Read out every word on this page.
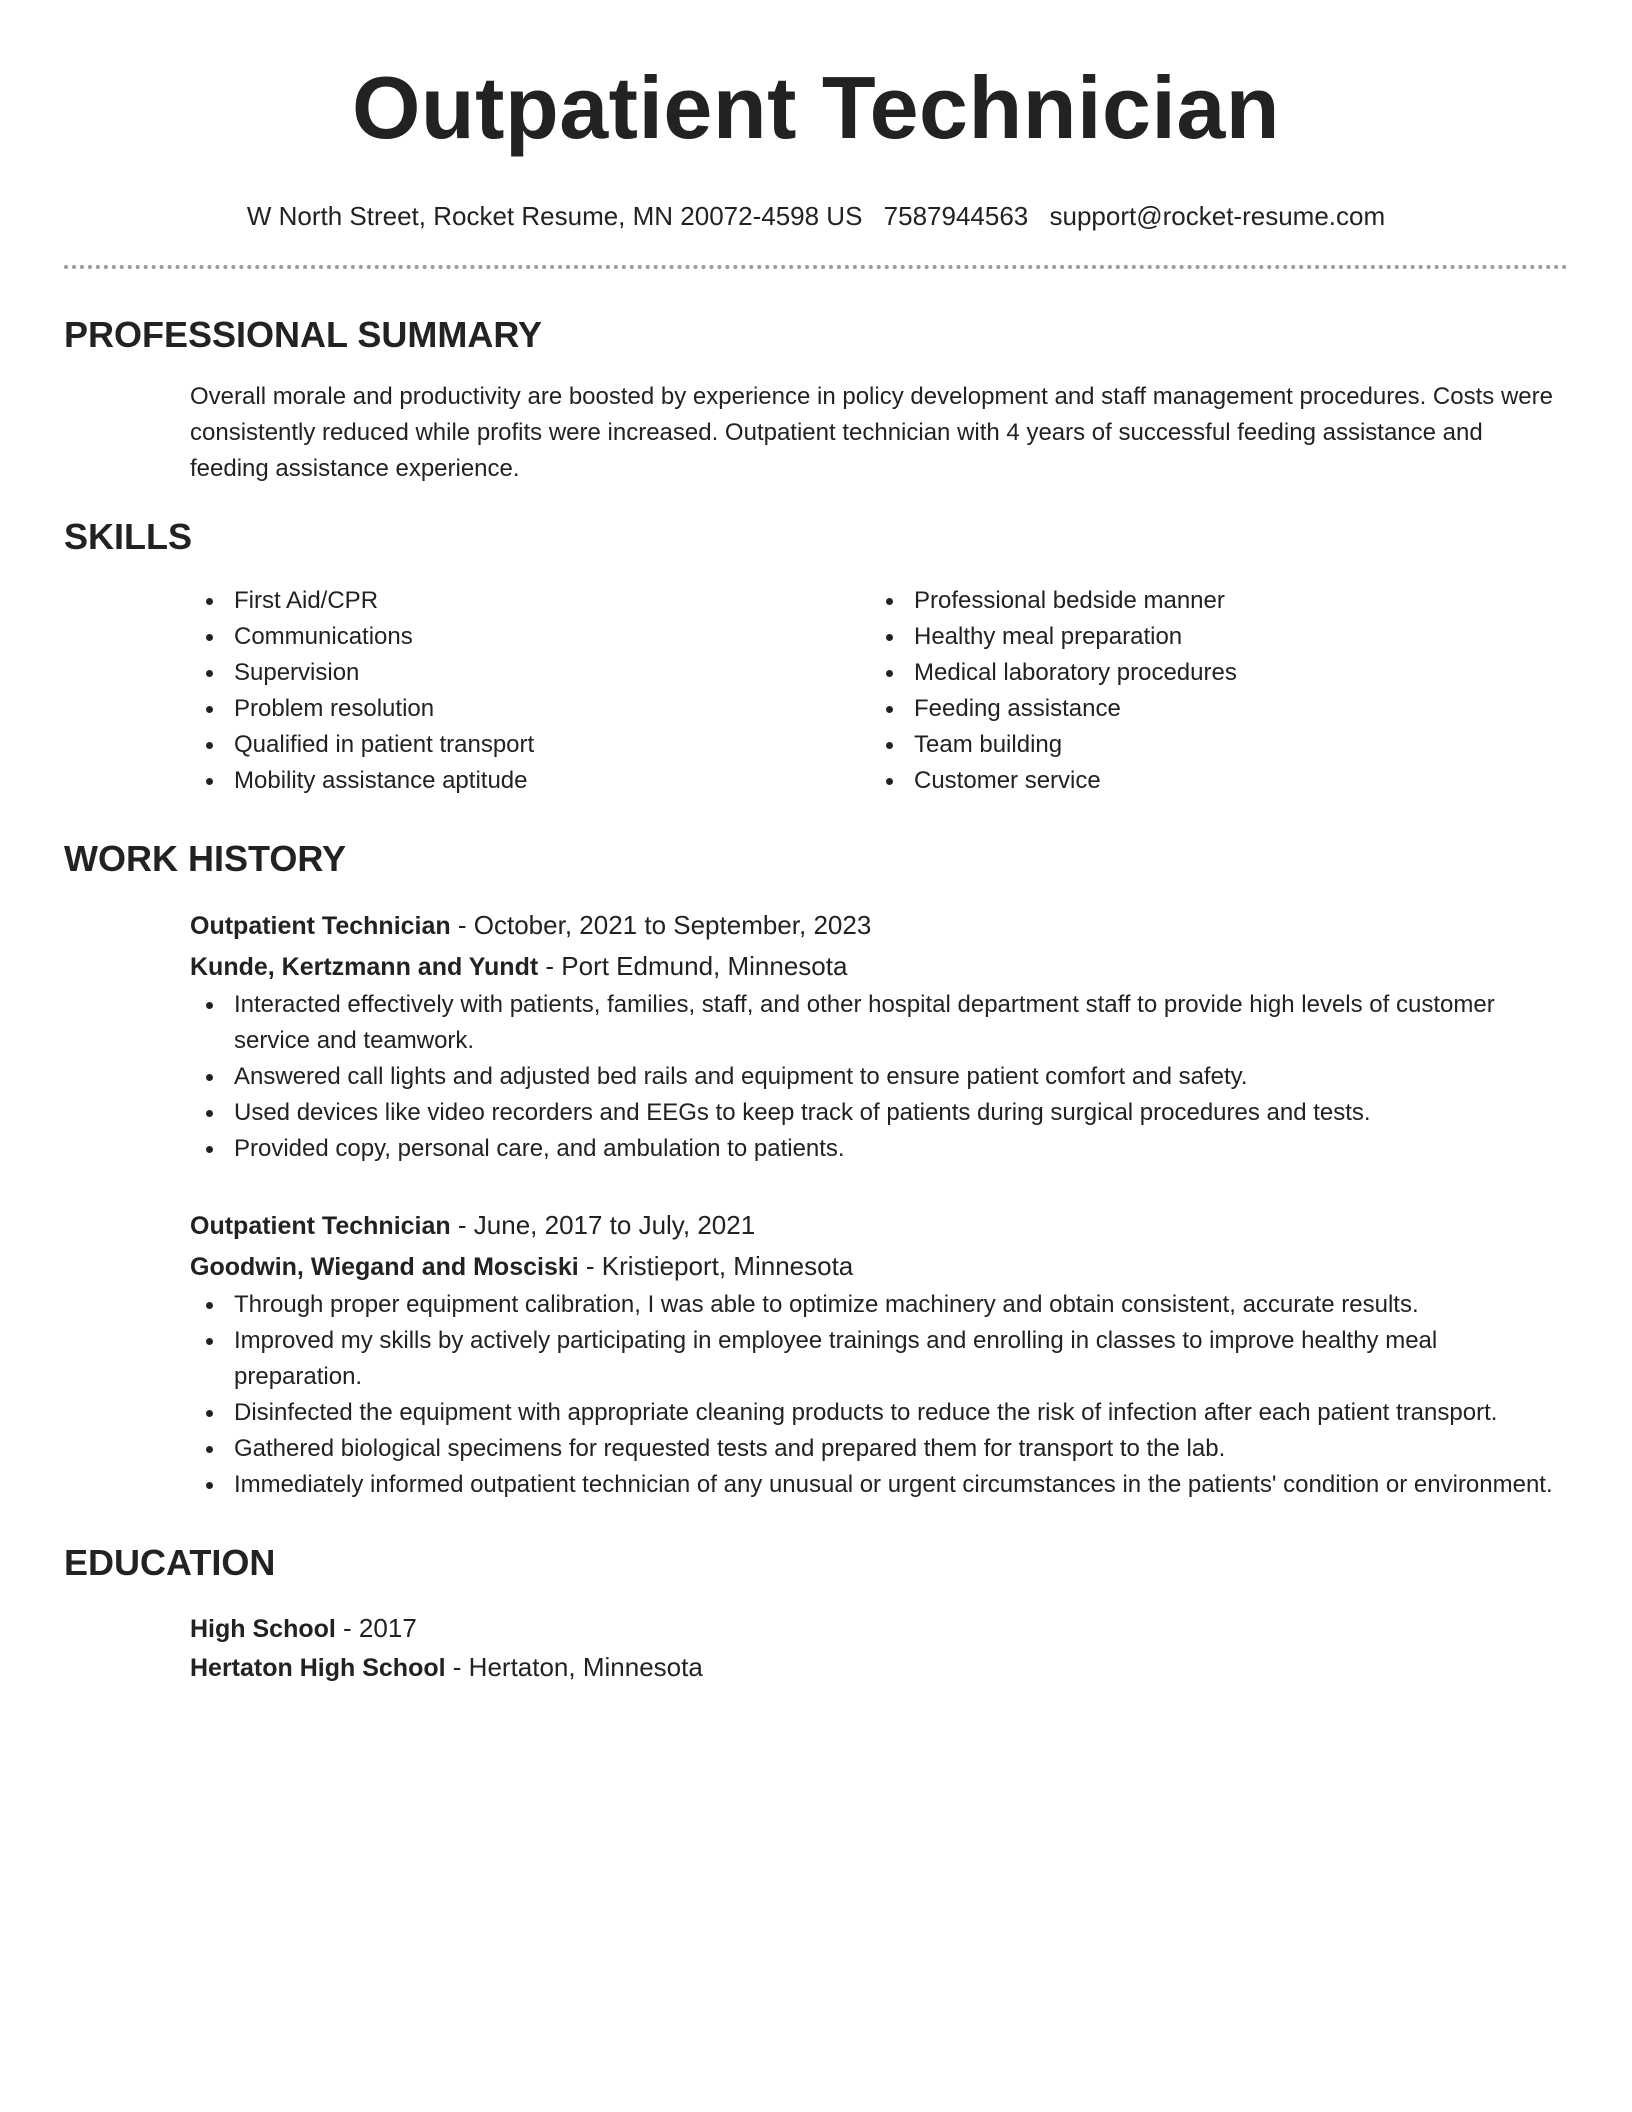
Outpatient Technician
W North Street, Rocket Resume, MN 20072-4598 US 7587944563 support@rocket-resume.com
PROFESSIONAL SUMMARY
Overall morale and productivity are boosted by experience in policy development and staff management procedures. Costs were consistently reduced while profits were increased. Outpatient technician with 4 years of successful feeding assistance and feeding assistance experience.
SKILLS
First Aid/CPR
Communications
Supervision
Problem resolution
Qualified in patient transport
Mobility assistance aptitude
Professional bedside manner
Healthy meal preparation
Medical laboratory procedures
Feeding assistance
Team building
Customer service
WORK HISTORY
Outpatient Technician - October, 2021 to September, 2023
Kunde, Kertzmann and Yundt - Port Edmund, Minnesota
Interacted effectively with patients, families, staff, and other hospital department staff to provide high levels of customer service and teamwork.
Answered call lights and adjusted bed rails and equipment to ensure patient comfort and safety.
Used devices like video recorders and EEGs to keep track of patients during surgical procedures and tests.
Provided copy, personal care, and ambulation to patients.
Outpatient Technician - June, 2017 to July, 2021
Goodwin, Wiegand and Mosciski - Kristieport, Minnesota
Through proper equipment calibration, I was able to optimize machinery and obtain consistent, accurate results.
Improved my skills by actively participating in employee trainings and enrolling in classes to improve healthy meal preparation.
Disinfected the equipment with appropriate cleaning products to reduce the risk of infection after each patient transport.
Gathered biological specimens for requested tests and prepared them for transport to the lab.
Immediately informed outpatient technician of any unusual or urgent circumstances in the patients' condition or environment.
EDUCATION
High School - 2017
Hertaton High School - Hertaton, Minnesota
